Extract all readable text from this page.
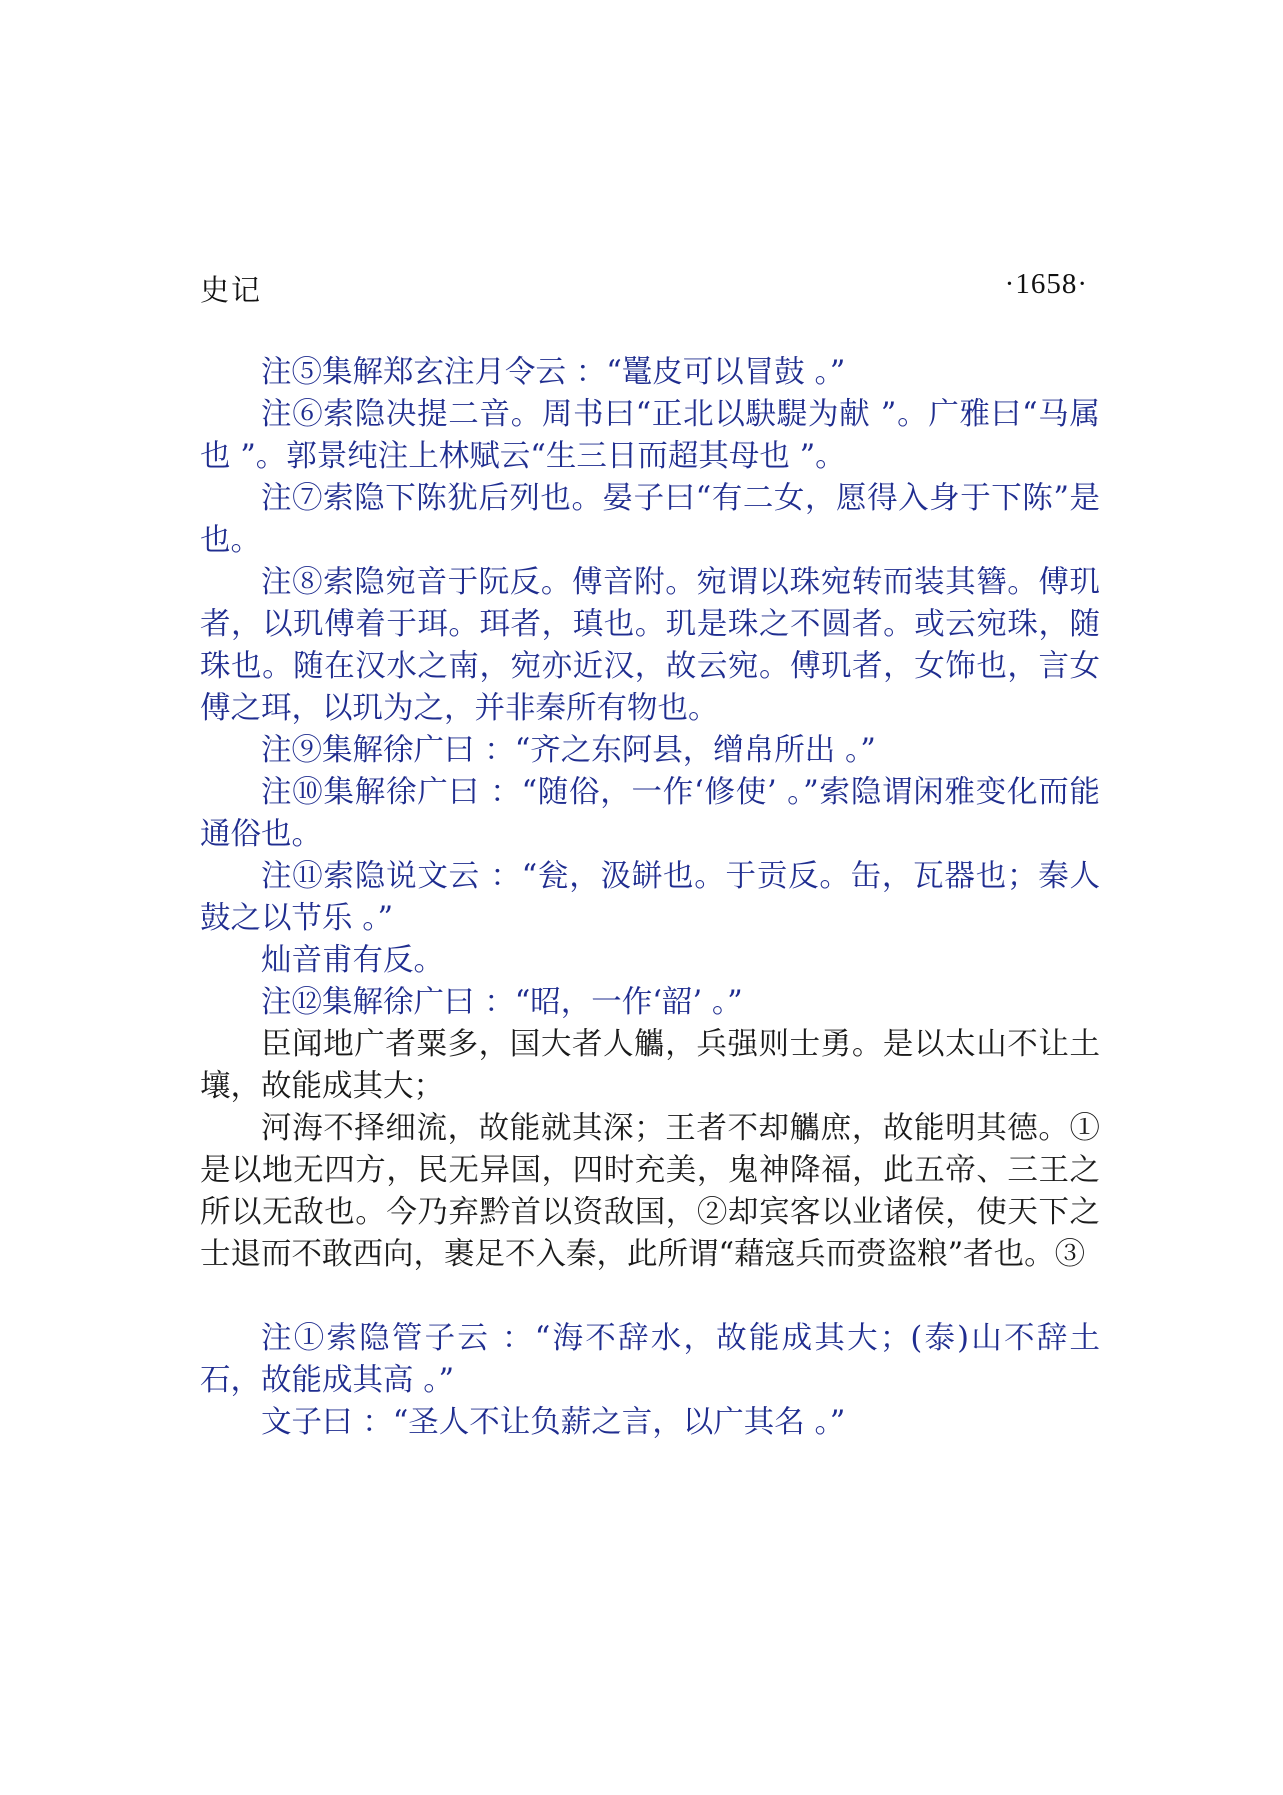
史记	·1658·

注⑤集解郑玄注月令云 ：“鼍皮可以冒鼓 。”

注⑥索隐决提二音。周书曰“正北以駃騠为献 ”。广雅曰“马属也 ”。郭景纯注上林赋云“生三日而超其母也 ”。

注⑦索隐下陈犹后列也。晏子曰“有二女，愿得入身于下陈”是也。

注⑧索隐宛音于阮反。傅音附。宛谓以珠宛转而装其簪。傅玑者，以玑傅着于珥。珥者，瑱也。玑是珠之不圆者。或云宛珠，随珠也。随在汉水之南，宛亦近汉，故云宛。傅玑者，女饰也，言女傅之珥，以玑为之，并非秦所有物也。

注⑨集解徐广曰 ：“齐之东阿县，缯帛所出 。”

注⑩集解徐广曰 ：“随俗，一作‘修使’ 。”索隐谓闲雅变化而能通俗也。

注⑪索隐说文云 ：“瓮，汲缾也。于贡反。缶，瓦器也；秦人鼓之以节乐 。”

灿音甫有反。

注⑫集解徐广曰 ：“昭，一作‘韶’ 。”

臣闻地广者粟多，国大者人觿，兵强则士勇。是以太山不让土壤，故能成其大；

河海不择细流，故能就其深；王者不却觿庶，故能明其德。①是以地无四方，民无异国，四时充美，鬼神降福，此五帝、三王之所以无敌也。今乃弃黔首以资敌国，②却宾客以业诸侯，使天下之士退而不敢西向，裹足不入秦，此所谓“藉寇兵而赍盗粮”者也。③

注①索隐管子云 ：“海不辞水，故能成其大；(泰)山不辞土石，故能成其高 。”

文子曰 ：“圣人不让负薪之言，以广其名 。”
